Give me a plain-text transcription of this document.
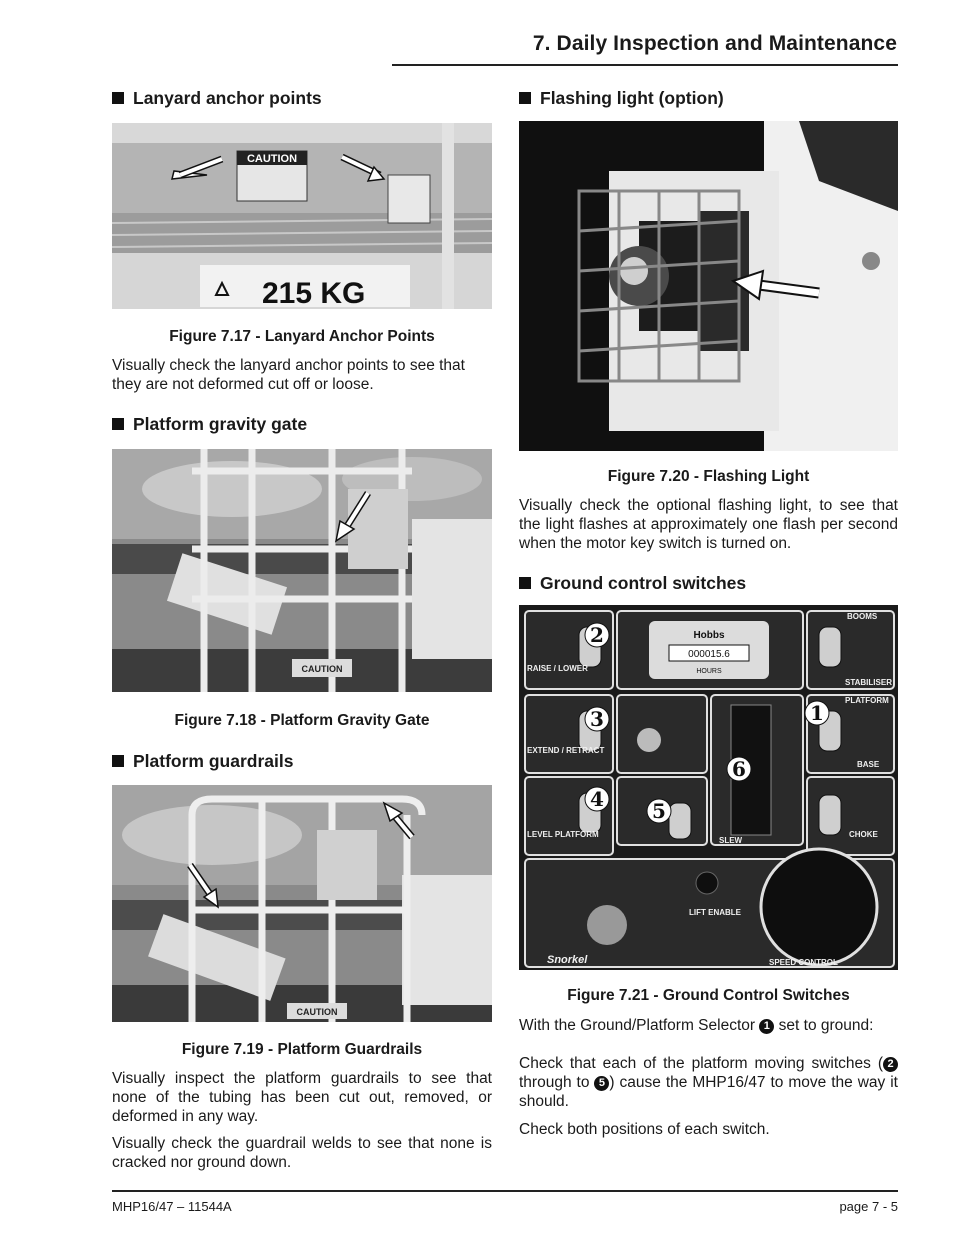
7. Daily Inspection and Maintenance
Lanyard anchor points
CAUTION
215 KG
Figure 7.17 - Lanyard Anchor Points
Visually check the lanyard anchor points to see that they are not deformed cut off or loose.
Platform gravity gate
CAUTION
Figure 7.18 - Platform Gravity Gate
Platform guardrails
CAUTION
Figure 7.19 - Platform Guardrails
Visually inspect the platform guardrails to see that none of the tubing has been cut out, removed, or deformed in any way.
Visually check the guardrail welds to see that none is cracked nor ground down.
Flashing light (option)
Figure 7.20 - Flashing Light
Visually check the optional flashing light, to see that the light flashes at approximately one flash per second when the motor key switch is turned on.
Ground control switches
Hobbs
000015.6
HOURS
RAISE / LOWER
EXTEND / RETRACT
LEVEL PLATFORM
SLEW
BOOMS
STABILISER
PLATFORM
BASE
CHOKE
LIFT ENABLE
SPEED CONTROL
Snorkel
2
3
4 5
6
1
Figure 7.21 - Ground Control Switches
With the Ground/Platform Selector 1 set to ground:
Check that each of the platform moving switches ( 2 through to 5 ) cause the MHP16/47 to move the way it should.
Check both positions of each switch.
MHP16/47 – 11544A	page 7 - 5
